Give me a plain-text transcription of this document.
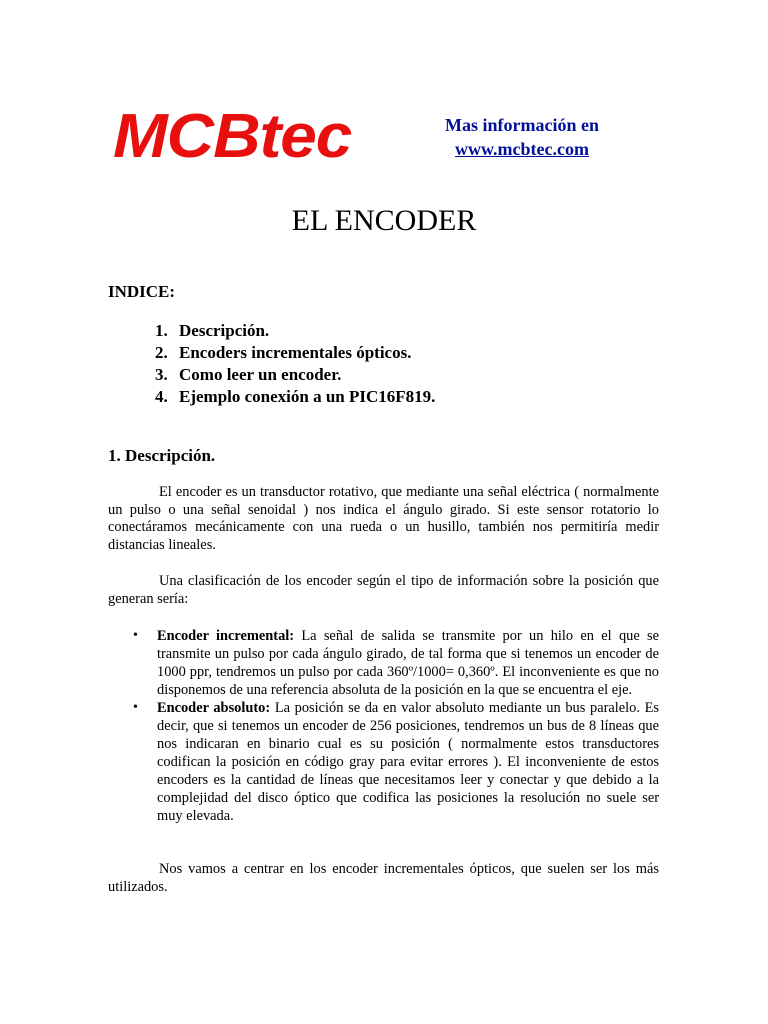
MCBtec	Mas información en
www.mcbtec.com
EL ENCODER
INDICE:
1. Descripción.
2. Encoders incrementales ópticos.
3. Como leer un encoder.
4. Ejemplo conexión a un PIC16F819.
1. Descripción.

El encoder es un transductor rotativo, que mediante una señal eléctrica ( normalmente un pulso o una señal senoidal ) nos indica el ángulo girado. Si este sensor rotatorio lo conectáramos mecánicamente con una rueda o un husillo, también nos permitiría medir distancias lineales.

Una clasificación de los encoder según el tipo de información sobre la posición que generan sería:

• Encoder incremental: La señal de salida se transmite por un hilo en el que se transmite un pulso por cada ángulo girado, de tal forma que si tenemos un encoder de 1000 ppr, tendremos un pulso por cada 360º/1000= 0,360º. El inconveniente es que no disponemos de una referencia absoluta de la posición en la que se encuentra el eje.
• Encoder absoluto: La posición se da en valor absoluto mediante un bus paralelo. Es decir, que si tenemos un encoder de 256 posiciones, tendremos un bus de 8 líneas que nos indicaran en binario cual es su posición ( normalmente estos transductores codifican la posición en código gray para evitar errores ). El inconveniente de estos encoders es la cantidad de líneas que necesitamos leer y conectar y que debido a la complejidad del disco óptico que codifica las posiciones la resolución no suele ser muy elevada.

Nos vamos a centrar en los encoder incrementales ópticos, que suelen ser los más utilizados.
